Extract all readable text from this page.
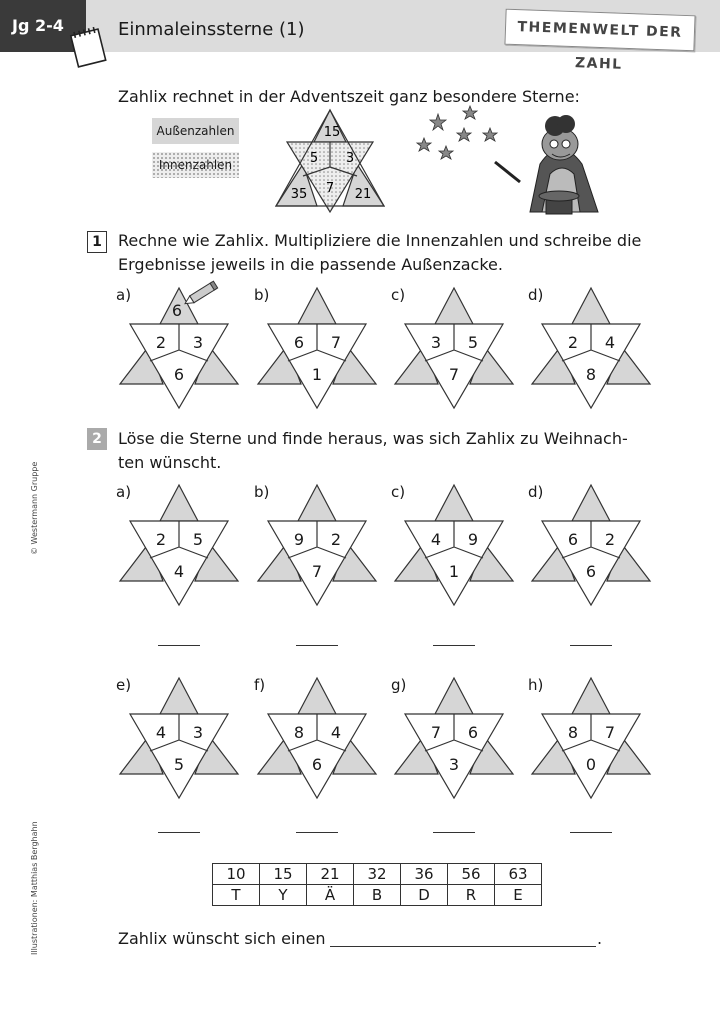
Jg 2-4	Einmaleinssterne (1)	THEMENWELT DER ZAHL
Zahlix rechnet in der Adventszeit ganz besondere Sterne:
Außenzahlen
Innenzahlen
15
5 3
7
35	21
1	Rechne wie Zahlix. Multipliziere die Innenzahlen und schreibe die
Ergebnisse jeweils in die passende Außenzacke.
a)
2 3
6
6
b)
6 7
1
c)
3 5
7
d)
2 4
8
2	Löse die Sterne und finde heraus, was sich Zahlix zu Weihnach-
ten wünscht.
a)
2 5
4
b)
9 2
7
c)
4 9
1
d)
6 2
6
e)
4 3
5
f)
8 4
6
g)
7 6
3
h)
8 7
0
10	15	21	32	36	56	63
T	Y	Ä	B	D	R	E
Zahlix wünscht sich einen	.
© Westermann Gruppe
Illustrationen: Matthias Berghahn
